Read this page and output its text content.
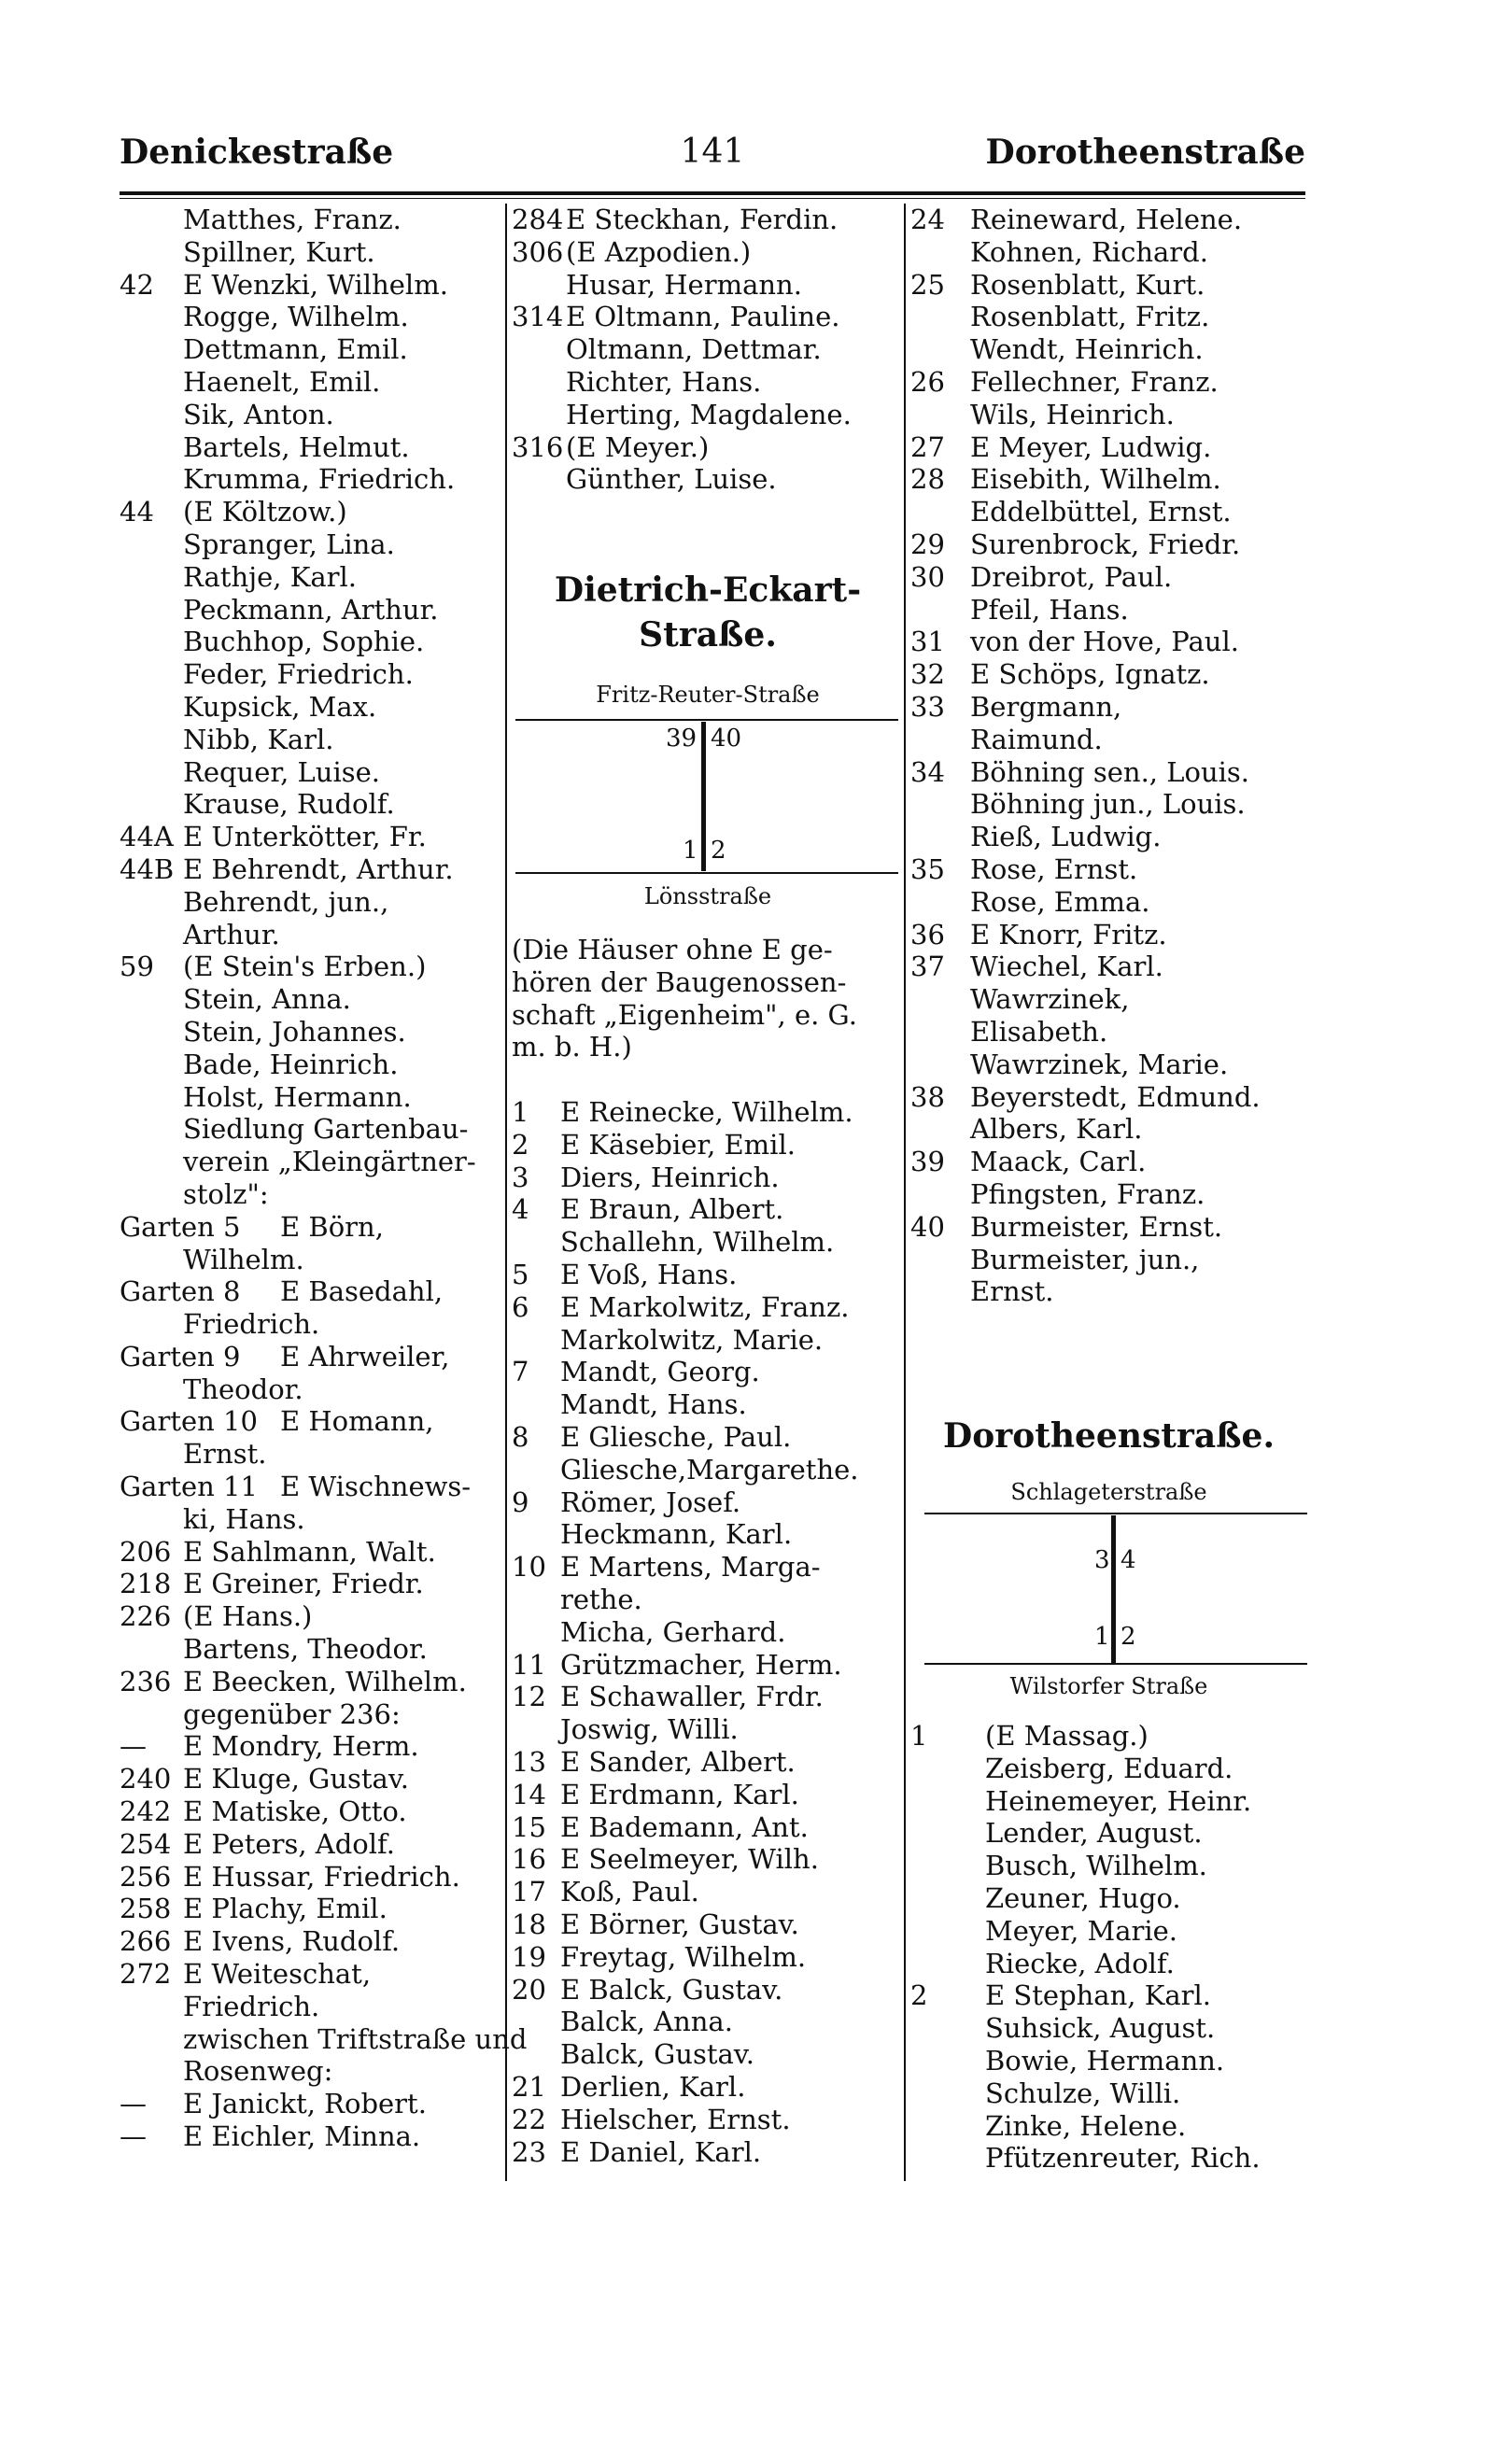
Denickestraße	141	Dorotheenstraße
Matthes, Franz.
Spillner, Kurt.
42 E Wenzki, Wilhelm.
Rogge, Wilhelm.
Dettmann, Emil.
Haenelt, Emil.
Sik, Anton.
Bartels, Helmut.
Krumma, Friedrich.
44 (E Költzow.)
Spranger, Lina.
Rathje, Karl.
Peckmann, Arthur.
Buchhop, Sophie.
Feder, Friedrich.
Kupsick, Max.
Nibb, Karl.
Requer, Luise.
Krause, Rudolf.
44A E Unterkötter, Fr.
44B E Behrendt, Arthur.
Behrendt, jun.,
Arthur.
59 (E Stein's Erben.)
Stein, Anna.
Stein, Johannes.
Bade, Heinrich.
Holst, Hermann.
Siedlung Gartenbau-
verein „Kleingärtner-
stolz":
Garten 5 E Börn,
Wilhelm.
Garten 8 E Basedahl,
Friedrich.
Garten 9 E Ahrweiler,
Theodor.
Garten 10 E Homann,
Ernst.
Garten 11 E Wischnews-
ki, Hans.
206 E Sahlmann, Walt.
218 E Greiner, Friedr.
226 (E Hans.)
Bartens, Theodor.
236 E Beecken, Wilhelm.
gegenüber 236:
— E Mondry, Herm.
240 E Kluge, Gustav.
242 E Matiske, Otto.
254 E Peters, Adolf.
256 E Hussar, Friedrich.
258 E Plachy, Emil.
266 E Ivens, Rudolf.
272 E Weiteschat,
Friedrich.
zwischen Triftstraße und
Rosenweg:
— E Janickt, Robert.
— E Eichler, Minna.
284 E Steckhan, Ferdin.
306 (E Azpodien.)
Husar, Hermann.
314 E Oltmann, Pauline.
Oltmann, Dettmar.
Richter, Hans.
Herting, Magdalene.
316 (E Meyer.)
Günther, Luise.
Dietrich-Eckart-
Straße.
Fritz-Reuter-Straße
39 40
1 2
Lönsstraße
(Die Häuser ohne E ge-
hören der Baugenossen-
schaft „Eigenheim", e. G.
m. b. H.)
1 E Reinecke, Wilhelm.
2 E Käsebier, Emil.
3 Diers, Heinrich.
4 E Braun, Albert.
Schallehn, Wilhelm.
5 E Voß, Hans.
6 E Markolwitz, Franz.
Markolwitz, Marie.
7 Mandt, Georg.
Mandt, Hans.
8 E Gliesche, Paul.
Gliesche,Margarethe.
9 Römer, Josef.
Heckmann, Karl.
10 E Martens, Marga-
rethe.
Micha, Gerhard.
11 Grützmacher, Herm.
12 E Schawaller, Frdr.
Joswig, Willi.
13 E Sander, Albert.
14 E Erdmann, Karl.
15 E Bademann, Ant.
16 E Seelmeyer, Wilh.
17 Koß, Paul.
18 E Börner, Gustav.
19 Freytag, Wilhelm.
20 E Balck, Gustav.
Balck, Anna.
Balck, Gustav.
21 Derlien, Karl.
22 Hielscher, Ernst.
23 E Daniel, Karl.
24 Reineward, Helene.
Kohnen, Richard.
25 Rosenblatt, Kurt.
Rosenblatt, Fritz.
Wendt, Heinrich.
26 Fellechner, Franz.
Wils, Heinrich.
27 E Meyer, Ludwig.
28 Eisebith, Wilhelm.
Eddelbüttel, Ernst.
29 Surenbrock, Friedr.
30 Dreibrot, Paul.
Pfeil, Hans.
31 von der Hove, Paul.
32 E Schöps, Ignatz.
33 Bergmann,
Raimund.
34 Böhning sen., Louis.
Böhning jun., Louis.
Rieß, Ludwig.
35 Rose, Ernst.
Rose, Emma.
36 E Knorr, Fritz.
37 Wiechel, Karl.
Wawrzinek,
Elisabeth.
Wawrzinek, Marie.
38 Beyerstedt, Edmund.
Albers, Karl.
39 Maack, Carl.
Pfingsten, Franz.
40 Burmeister, Ernst.
Burmeister, jun.,
Ernst.
Dorotheenstraße.
Schlageterstraße
3 4
1 2
Wilstorfer Straße
1 (E Massag.)
Zeisberg, Eduard.
Heinemeyer, Heinr.
Lender, August.
Busch, Wilhelm.
Zeuner, Hugo.
Meyer, Marie.
Riecke, Adolf.
2 E Stephan, Karl.
Suhsick, August.
Bowie, Hermann.
Schulze, Willi.
Zinke, Helene.
Pfützenreuter, Rich.
